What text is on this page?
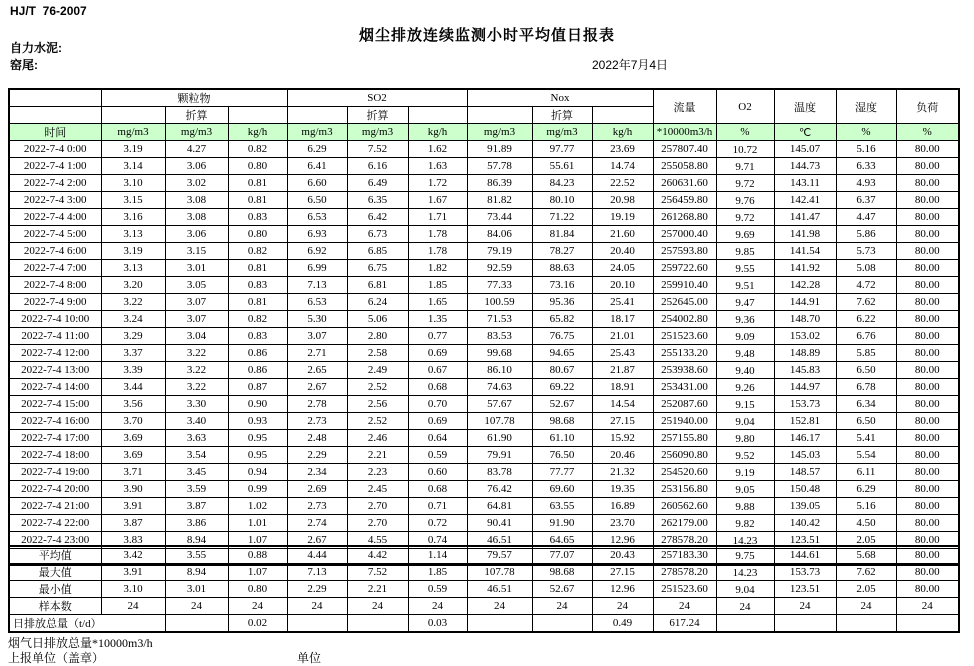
HJ/T  76-2007
烟尘排放连续监测小时平均值日报表
自力水泥:
窑尾:	2022年7月4日
	颗粒物			SO2			Nox			流量	O2	温度	湿度	负荷
		折算			折算			折算						
时间	mg/m3	mg/m3	kg/h	mg/m3	mg/m3	kg/h	mg/m3	mg/m3	kg/h	*10000m3/h	%	℃	%	%
2022-7-4 0:00	3.19	4.27	0.82	6.29	7.52	1.62	91.89	97.77	23.69	257807.40	10.72	145.07	5.16	80.00
2022-7-4 1:00	3.14	3.06	0.80	6.41	6.16	1.63	57.78	55.61	14.74	255058.80	9.71	144.73	6.33	80.00
2022-7-4 2:00	3.10	3.02	0.81	6.60	6.49	1.72	86.39	84.23	22.52	260631.60	9.72	143.11	4.93	80.00
2022-7-4 3:00	3.15	3.08	0.81	6.50	6.35	1.67	81.82	80.10	20.98	256459.80	9.76	142.41	6.37	80.00
2022-7-4 4:00	3.16	3.08	0.83	6.53	6.42	1.71	73.44	71.22	19.19	261268.80	9.72	141.47	4.47	80.00
2022-7-4 5:00	3.13	3.06	0.80	6.93	6.73	1.78	84.06	81.84	21.60	257000.40	9.69	141.98	5.86	80.00
2022-7-4 6:00	3.19	3.15	0.82	6.92	6.85	1.78	79.19	78.27	20.40	257593.80	9.85	141.54	5.73	80.00
2022-7-4 7:00	3.13	3.01	0.81	6.99	6.75	1.82	92.59	88.63	24.05	259722.60	9.55	141.92	5.08	80.00
2022-7-4 8:00	3.20	3.05	0.83	7.13	6.81	1.85	77.33	73.16	20.10	259910.40	9.51	142.28	4.72	80.00
2022-7-4 9:00	3.22	3.07	0.81	6.53	6.24	1.65	100.59	95.36	25.41	252645.00	9.47	144.91	7.62	80.00
2022-7-4 10:00	3.24	3.07	0.82	5.30	5.06	1.35	71.53	65.82	18.17	254002.80	9.36	148.70	6.22	80.00
2022-7-4 11:00	3.29	3.04	0.83	3.07	2.80	0.77	83.53	76.75	21.01	251523.60	9.09	153.02	6.76	80.00
2022-7-4 12:00	3.37	3.22	0.86	2.71	2.58	0.69	99.68	94.65	25.43	255133.20	9.48	148.89	5.85	80.00
2022-7-4 13:00	3.39	3.22	0.86	2.65	2.49	0.67	86.10	80.67	21.87	253938.60	9.40	145.83	6.50	80.00
2022-7-4 14:00	3.44	3.22	0.87	2.67	2.52	0.68	74.63	69.22	18.91	253431.00	9.26	144.97	6.78	80.00
2022-7-4 15:00	3.56	3.30	0.90	2.78	2.56	0.70	57.67	52.67	14.54	252087.60	9.15	153.73	6.34	80.00
2022-7-4 16:00	3.70	3.40	0.93	2.73	2.52	0.69	107.78	98.68	27.15	251940.00	9.04	152.81	6.50	80.00
2022-7-4 17:00	3.69	3.63	0.95	2.48	2.46	0.64	61.90	61.10	15.92	257155.80	9.80	146.17	5.41	80.00
2022-7-4 18:00	3.69	3.54	0.95	2.29	2.21	0.59	79.91	76.50	20.46	256090.80	9.52	145.03	5.54	80.00
2022-7-4 19:00	3.71	3.45	0.94	2.34	2.23	0.60	83.78	77.77	21.32	254520.60	9.19	148.57	6.11	80.00
2022-7-4 20:00	3.90	3.59	0.99	2.69	2.45	0.68	76.42	69.60	19.35	253156.80	9.05	150.48	6.29	80.00
2022-7-4 21:00	3.91	3.87	1.02	2.73	2.70	0.71	64.81	63.55	16.89	260562.60	9.88	139.05	5.16	80.00
2022-7-4 22:00	3.87	3.86	1.01	2.74	2.70	0.72	90.41	91.90	23.70	262179.00	9.82	140.42	4.50	80.00
2022-7-4 23:00	3.83	8.94	1.07	2.67	4.55	0.74	46.51	64.65	12.96	278578.20	14.23	123.51	2.05	80.00

平均值	3.42	3.55	0.88	4.44	4.42	1.14	79.57	77.07	20.43	257183.30	9.75	144.61	5.68	80.00
最大值	3.91	8.94	1.07	7.13	7.52	1.85	107.78	98.68	27.15	278578.20	14.23	153.73	7.62	80.00
最小值	3.10	3.01	0.80	2.29	2.21	0.59	46.51	52.67	12.96	251523.60	9.04	123.51	2.05	80.00
样本数	24	24	24	24	24	24	24	24	24	24	24	24	24	24
日排放总量（t/d）			0.02			0.03			0.49	617.24				
烟气日排放总量*10000m3/h
上报单位（盖章）	单位
